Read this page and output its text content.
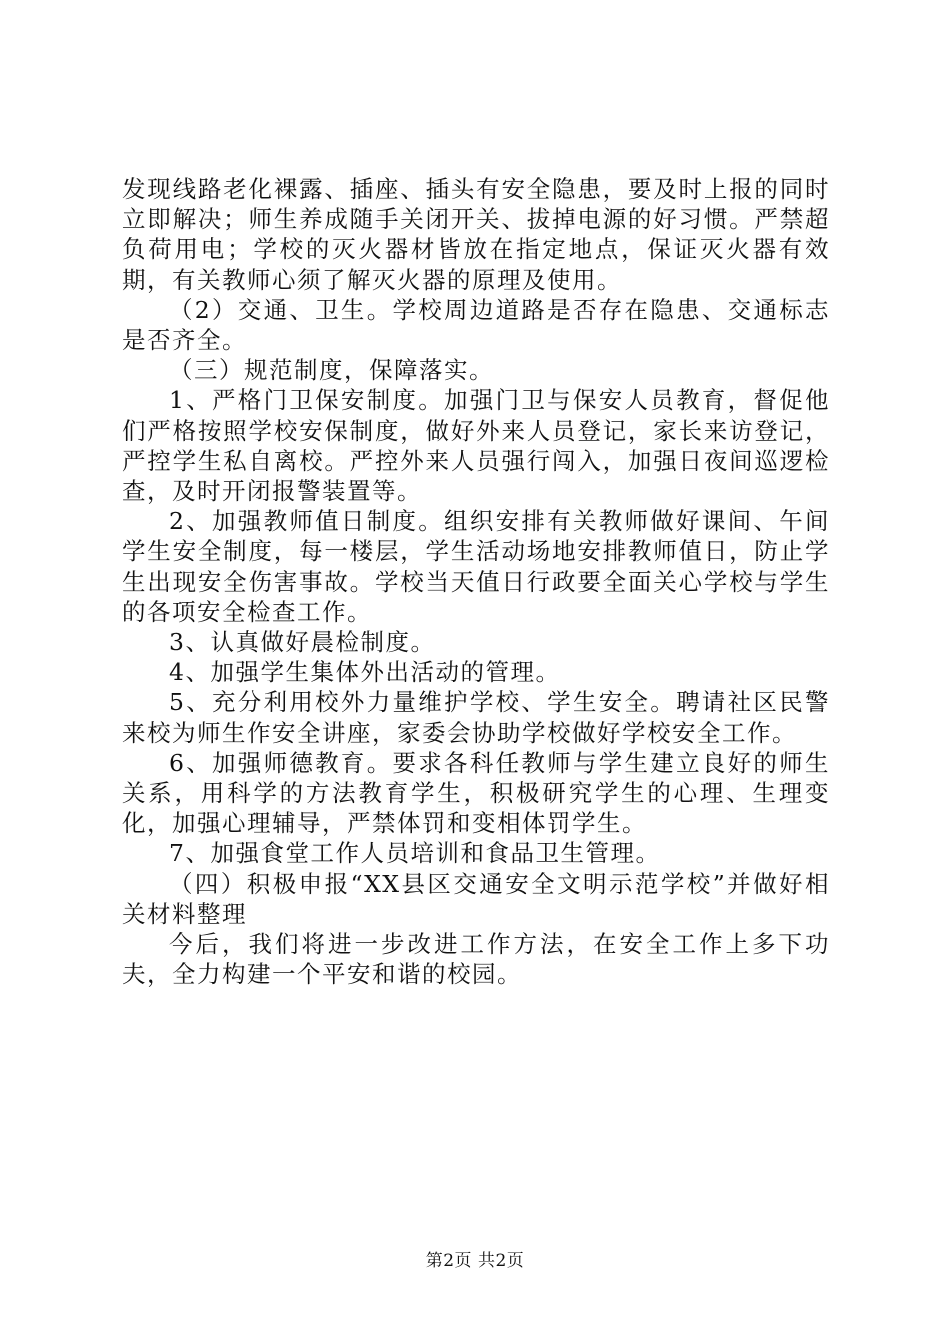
发现线路老化裸露、插座、插头有安全隐患，要及时上报的同时立即解决；师生养成随手关闭开关、拔掉电源的好习惯。严禁超负荷用电；学校的灭火器材皆放在指定地点，保证灭火器有效期，有关教师心须了解灭火器的原理及使用。

（2）交通、卫生。学校周边道路是否存在隐患、交通标志是否齐全。

（三）规范制度，保障落实。

1、严格门卫保安制度。加强门卫与保安人员教育，督促他们严格按照学校安保制度，做好外来人员登记，家长来访登记，严控学生私自离校。严控外来人员强行闯入，加强日夜间巡逻检查，及时开闭报警装置等。

2、加强教师值日制度。组织安排有关教师做好课间、午间学生安全制度，每一楼层，学生活动场地安排教师值日，防止学生出现安全伤害事故。学校当天值日行政要全面关心学校与学生的各项安全检查工作。

3、认真做好晨检制度。

4、加强学生集体外出活动的管理。

5、充分利用校外力量维护学校、学生安全。聘请社区民警来校为师生作安全讲座，家委会协助学校做好学校安全工作。

6、加强师德教育。要求各科任教师与学生建立良好的师生关系，用科学的方法教育学生，积极研究学生的心理、生理变化，加强心理辅导，严禁体罚和变相体罚学生。

7、加强食堂工作人员培训和食品卫生管理。

（四）积极申报“XX县区交通安全文明示范学校”并做好相关材料整理

今后，我们将进一步改进工作方法，在安全工作上多下功夫，全力构建一个平安和谐的校园。

第2页 共2页
